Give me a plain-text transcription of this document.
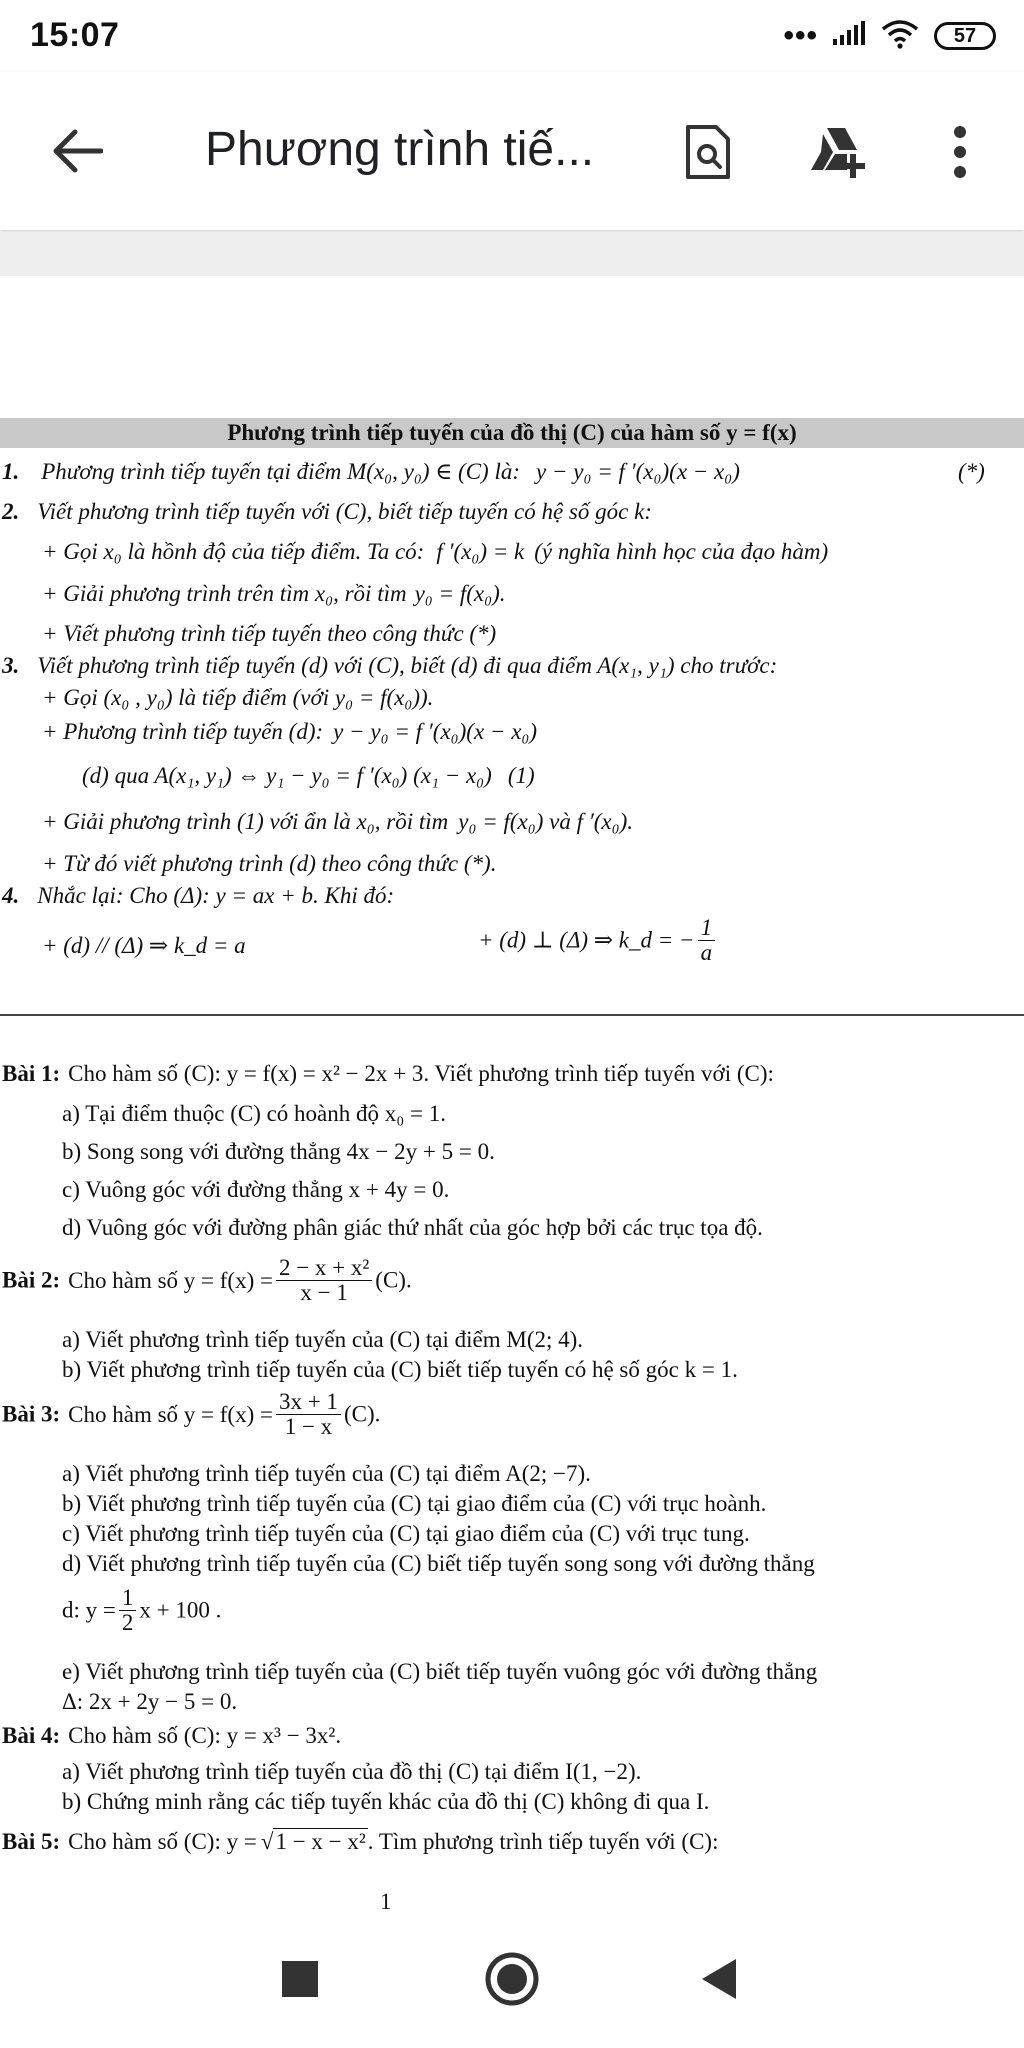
15:07	•••	57
Phương trình tiế...
Phương trình tiếp tuyến của đồ thị (C) của hàm số y = f(x)
1. Phương trình tiếp tuyến tại điểm M(x₀, y₀) ∈ (C) là: y − y₀ = f ′(x₀)(x − x₀)	(*)
2. Viết phương trình tiếp tuyến với (C), biết tiếp tuyến có hệ số góc k:
+ Gọi x₀ là hồnh độ của tiếp điểm. Ta có: f ′(x₀) = k (ý nghĩa hình học của đạo hàm)
+ Giải phương trình trên tìm x₀, rồi tìm y₀ = f(x₀).
+ Viết phương trình tiếp tuyến theo công thức (*)
3. Viết phương trình tiếp tuyến (d) với (C), biết (d) đi qua điểm A(x₁, y₁) cho trước:
+ Gọi (x₀ , y₀) là tiếp điểm (với y₀ = f(x₀)).
+ Phương trình tiếp tuyến (d): y − y₀ = f ′(x₀)(x − x₀)
(d) qua A(x₁, y₁) ⇔ y₁ − y₀ = f ′(x₀) (x₁ − x₀) (1)
+ Giải phương trình (1) với ẩn là x₀, rồi tìm y₀ = f(x₀) và f ′(x₀).
+ Từ đó viết phương trình (d) theo công thức (*).
4. Nhắc lại: Cho (Δ): y = ax + b. Khi đó:
+ (d) // (Δ) ⇒ k_d = a	+ (d) ⊥ (Δ) ⇒ k_d = − $\frac{1}{a}$
Bài 1: Cho hàm số (C): y = f(x) = x² − 2x + 3. Viết phương trình tiếp tuyến với (C):
a) Tại điểm thuộc (C) có hoành độ x₀ = 1.
b) Song song với đường thẳng 4x − 2y + 5 = 0.
c) Vuông góc với đường thẳng x + 4y = 0.
d) Vuông góc với đường phân giác thứ nhất của góc hợp bởi các trục tọa độ.
Bài 2: Cho hàm số $y = f(x) = \frac{\text{2 − x + x²}}{x - 1} (C)$.
a) Viết phương trình tiếp tuyến của (C) tại điểm M(2; 4).
b) Viết phương trình tiếp tuyến của (C) biết tiếp tuyến có hệ số góc k = 1.
Bài 3: Cho hàm số $y = f(x) = \frac{3x + 1}{1 - x} (C)$.
a) Viết phương trình tiếp tuyến của (C) tại điểm A(2; −7).
b) Viết phương trình tiếp tuyến của (C) tại giao điểm của (C) với trục hoành.
c) Viết phương trình tiếp tuyến của (C) tại giao điểm của (C) với trục tung.
d) Viết phương trình tiếp tuyến của (C) biết tiếp tuyến song song với đường thẳng
d: $y = \frac{1}{2}$ x + 100 .
e) Viết phương trình tiếp tuyến của (C) biết tiếp tuyến vuông góc với đường thẳng
Δ: 2x + 2y − 5 = 0.
Bài 4: Cho hàm số (C): y = x³ − 3x².
a) Viết phương trình tiếp tuyến của đồ thị (C) tại điểm I(1, −2).
b) Chứng minh rằng các tiếp tuyến khác của đồ thị (C) không đi qua I.
Bài 5: Cho hàm số (C): y = √1 − x − x². Tìm phương trình tiếp tuyến với (C):
1
